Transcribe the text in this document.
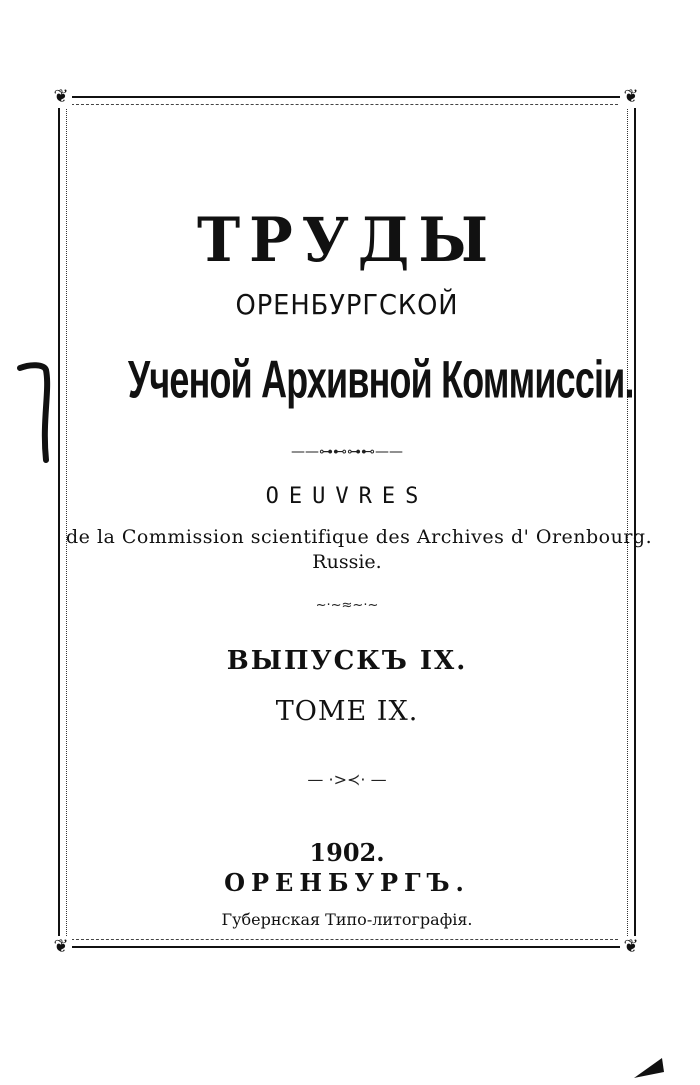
❦	❦
❦	❦
ТРУДЫ
ОРЕНБУРГСКОЙ
Ученой Архивной Коммиссіи.
——⊶⊷⊶⊷——
OEUVRES
de la Commission scientifique des Archives d' Orenbourg.
Russie.
~·~≈~·~
ВЫПУСКЪ IX.
TOME IX.
— ·>≺· —
1902.
ОРЕНБУРГЪ.
Губернская Типо-литографія.
